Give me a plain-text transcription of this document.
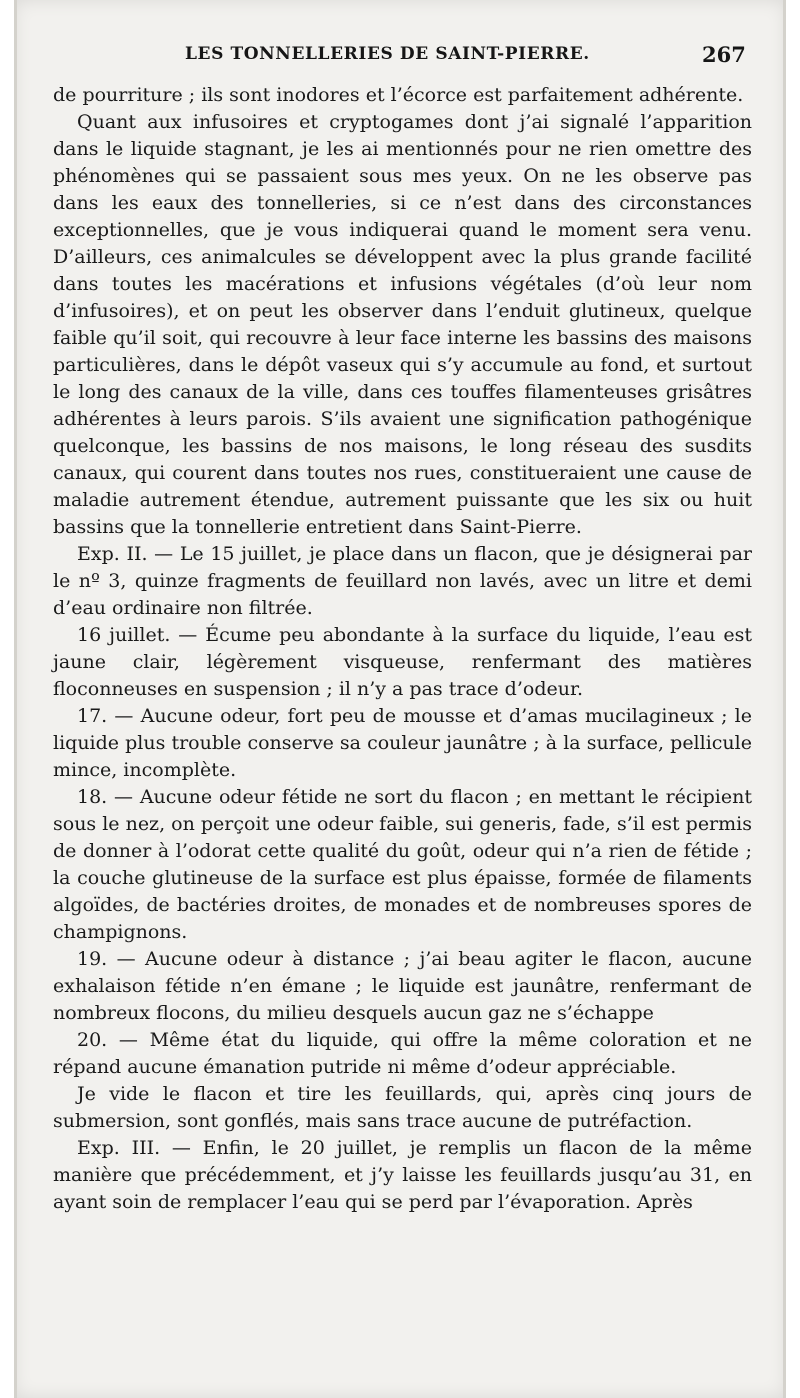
LES TONNELLERIES DE SAINT-PIERRE.	267

de pourriture ; ils sont inodores et l’écorce est parfaitement adhérente.

Quant aux infusoires et cryptogames dont j’ai signalé l’apparition dans le liquide stagnant, je les ai mentionnés pour ne rien omettre des phénomènes qui se passaient sous mes yeux. On ne les observe pas dans les eaux des tonnelleries, si ce n’est dans des circonstances exceptionnelles, que je vous indiquerai quand le moment sera venu. D’ailleurs, ces animalcules se développent avec la plus grande facilité dans toutes les macérations et infusions végétales (d’où leur nom d’infusoires), et on peut les observer dans l’enduit glutineux, quelque faible qu’il soit, qui recouvre à leur face interne les bassins des maisons particulières, dans le dépôt vaseux qui s’y accumule au fond, et surtout le long des canaux de la ville, dans ces touffes filamenteuses grisâtres adhérentes à leurs parois. S’ils avaient une signification pathogénique quelconque, les bassins de nos maisons, le long réseau des susdits canaux, qui courent dans toutes nos rues, constitueraient une cause de maladie autrement étendue, autrement puissante que les six ou huit bassins que la tonnellerie entretient dans Saint-Pierre.

Exp. II. — Le 15 juillet, je place dans un flacon, que je désignerai par le nº 3, quinze fragments de feuillard non lavés, avec un litre et demi d’eau ordinaire non filtrée.

16 juillet. — Écume peu abondante à la surface du liquide, l’eau est jaune clair, légèrement visqueuse, renfermant des matières floconneuses en suspension ; il n’y a pas trace d’odeur.

17. — Aucune odeur, fort peu de mousse et d’amas mucilagineux ; le liquide plus trouble conserve sa couleur jaunâtre ; à la surface, pellicule mince, incomplète.

18. — Aucune odeur fétide ne sort du flacon ; en mettant le récipient sous le nez, on perçoit une odeur faible, sui generis, fade, s’il est permis de donner à l’odorat cette qualité du goût, odeur qui n’a rien de fétide ; la couche glutineuse de la surface est plus épaisse, formée de filaments algoïdes, de bactéries droites, de monades et de nombreuses spores de champignons.

19. — Aucune odeur à distance ; j’ai beau agiter le flacon, aucune exhalaison fétide n’en émane ; le liquide est jaunâtre, renfermant de nombreux flocons, du milieu desquels aucun gaz ne s’échappe

20. — Même état du liquide, qui offre la même coloration et ne répand aucune émanation putride ni même d’odeur appréciable.

Je vide le flacon et tire les feuillards, qui, après cinq jours de submersion, sont gonflés, mais sans trace aucune de putréfaction.

Exp. III. — Enfin, le 20 juillet, je remplis un flacon de la même manière que précédemment, et j’y laisse les feuillards jusqu’au 31, en ayant soin de remplacer l’eau qui se perd par l’évaporation. Après
